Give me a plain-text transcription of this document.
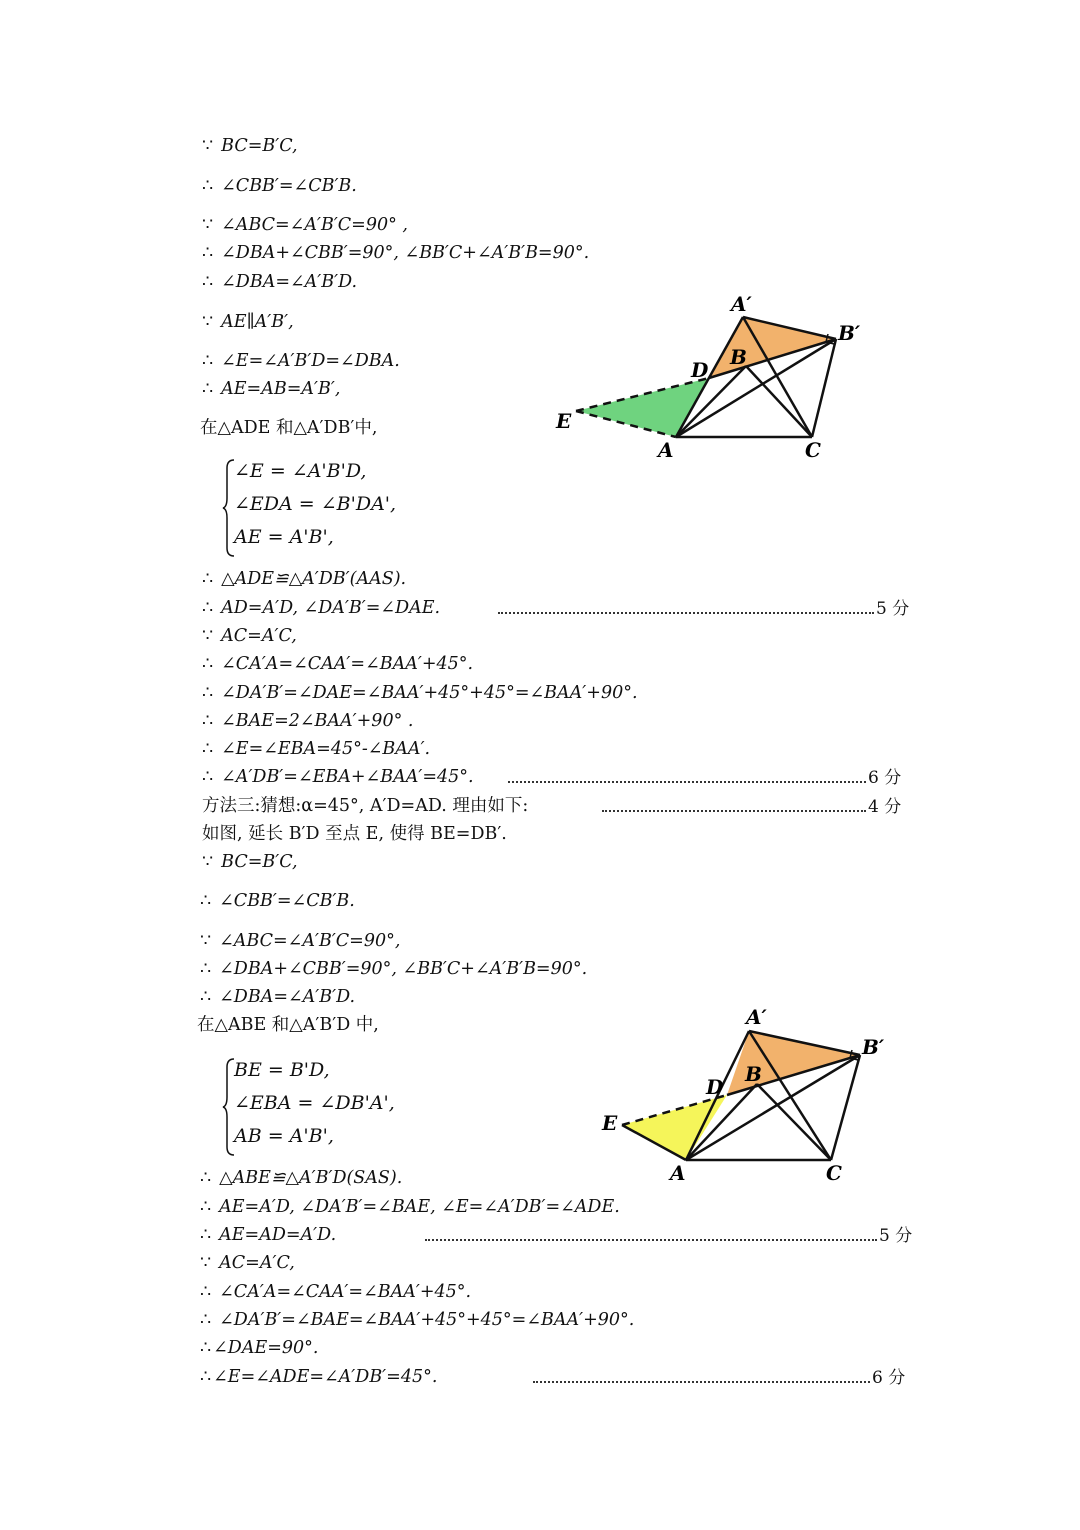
∵ BC=B′C,
∴ ∠CBB′=∠CB′B.
∵ ∠ABC=∠A′B′C=90° ,
∴ ∠DBA+∠CBB′=90°, ∠BB′C+∠A′B′B=90°.
∴ ∠DBA=∠A′B′D.
∵ AE∥A′B′,
∴ ∠E=∠A′B′D=∠DBA.
∴ AE=AB=A′B′,
在△ADE 和△A′DB′中,
∠E = ∠A'B'D,
∠EDA = ∠B'DA',
AE = A'B',
∴ △ADE≌△A′DB′(AAS).
∴ AD=A′D, ∠DA′B′=∠DAE.	5 分
∵ AC=A′C,
∴ ∠CA′A=∠CAA′=∠BAA′+45°.
∴ ∠DA′B′=∠DAE=∠BAA′+45°+45°=∠BAA′+90°.
∴ ∠BAE=2∠BAA′+90° .
∴ ∠E=∠EBA=45°-∠BAA′.
∴ ∠A′DB′=∠EBA+∠BAA′=45°.	6 分
方法三:猜想:α=45°, A′D=AD. 理由如下:	4 分
如图, 延长 B′D 至点 E, 使得 BE=DB′.
∵ BC=B′C,
∴ ∠CBB′=∠CB′B.
∵ ∠ABC=∠A′B′C=90°,
∴ ∠DBA+∠CBB′=90°, ∠BB′C+∠A′B′B=90°.
∴ ∠DBA=∠A′B′D.
在△ABE 和△A′B′D 中,
BE = B'D,
∠EBA = ∠DB'A',
AB = A'B',
∴ △ABE≌△A′B′D(SAS).
∴ AE=A′D, ∠DA′B′=∠BAE, ∠E=∠A′DB′=∠ADE.
∴ AE=AD=A′D.	5 分
∵ AC=A′C,
∴ ∠CA′A=∠CAA′=∠BAA′+45°.
∴ ∠DA′B′=∠BAE=∠BAA′+45°+45°=∠BAA′+90°.
∴ ∠DAE=90°.
∴ ∠E=∠ADE=∠A′DB′=45°.	6 分
A′
B′
B
D
E
A	C
A′
B′
B
D
E
A	C
